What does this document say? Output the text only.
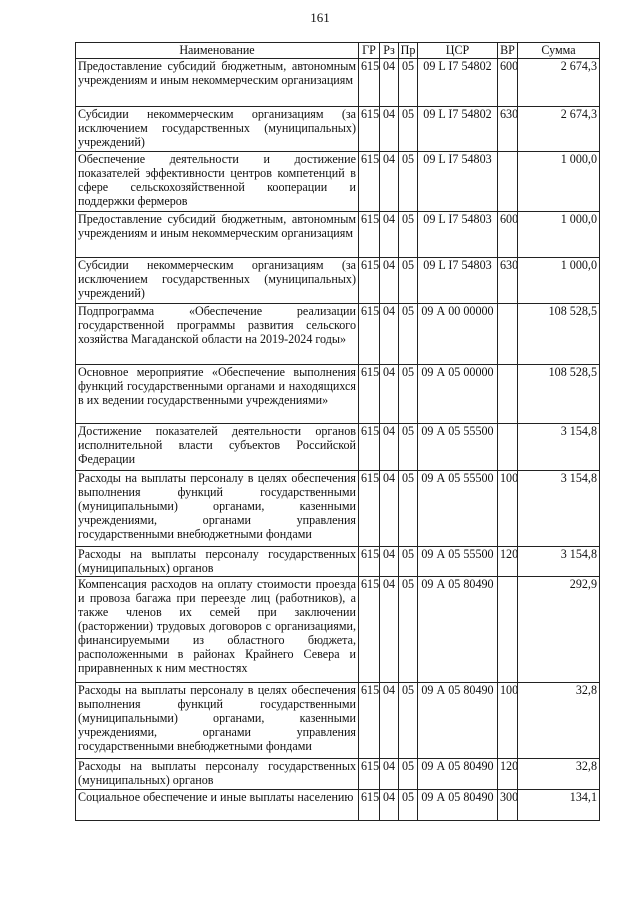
161
Наименование	ГР	Рз	Пр	ЦСР	ВР	Сумма
Предоставление субсидий бюджетным, автономным учреждениям и иным некоммерческим организациям	615	04	05	09 L I7 54802	600	2 674,3
Субсидии некоммерческим организациям (за исключением государственных (муниципальных) учреждений)	615	04	05	09 L I7 54802	630	2 674,3
Обеспечение деятельности и достижение показателей эффективности центров компетенций в сфере сельскохозяйственной кооперации и поддержки фермеров	615	04	05	09 L I7 54803		1 000,0
Предоставление субсидий бюджетным, автономным учреждениям и иным некоммерческим организациям	615	04	05	09 L I7 54803	600	1 000,0
Субсидии некоммерческим организациям (за исключением государственных (муниципальных) учреждений)	615	04	05	09 L I7 54803	630	1 000,0
Подпрограмма «Обеспечение реализации государственной программы развития сельского хозяйства Магаданской области на 2019-2024 годы»	615	04	05	09 А 00 00000		108 528,5
Основное мероприятие «Обеспечение выполнения функций государственными органами и находящихся в их ведении государственными учреждениями»	615	04	05	09 А 05 00000		108 528,5
Достижение показателей деятельности органов исполнительной власти субъектов Российской Федерации	615	04	05	09 А 05 55500		3 154,8
Расходы на выплаты персоналу в целях обеспечения выполнения функций государственными (муниципальными) органами, казенными учреждениями, органами управления государственными внебюджетными фондами	615	04	05	09 А 05 55500	100	3 154,8
Расходы на выплаты персоналу государственных (муниципальных) органов	615	04	05	09 А 05 55500	120	3 154,8
Компенсация расходов на оплату стоимости проезда и провоза багажа при переезде лиц (работников), а также членов их семей при заключении (расторжении) трудовых договоров с организациями, финансируемыми из областного бюджета, расположенными в районах Крайнего Севера и приравненных к ним местностях	615	04	05	09 А 05 80490		292,9
Расходы на выплаты персоналу в целях обеспечения выполнения функций государственными (муниципальными) органами, казенными учреждениями, органами управления государственными внебюджетными фондами	615	04	05	09 А 05 80490	100	32,8
Расходы на выплаты персоналу государственных (муниципальных) органов	615	04	05	09 А 05 80490	120	32,8
Социальное обеспечение и иные выплаты населению	615	04	05	09 А 05 80490	300	134,1
